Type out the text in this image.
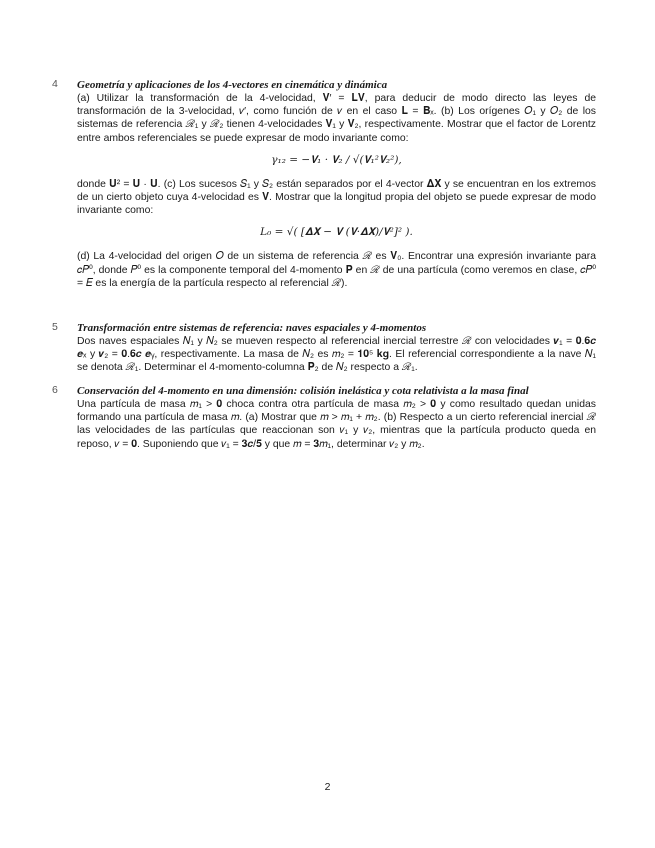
4	Geometría y aplicaciones de los 4-vectores en cinemática y dinámica

(a) Utilizar la transformación de la 4-velocidad, 𝐕′ = 𝐋𝐕, para deducir de modo directo las leyes de transformación de la 3-velocidad, 𝑣′, como función de 𝑣 en el caso 𝐋 = 𝐁ₓ. (b) Los orígenes 𝑂₁ y 𝑂₂ de los sistemas de referencia ℛ₁ y ℛ₂ tienen 4-velocidades 𝐕₁ y 𝐕₂, respectivamente. Mostrar que el factor de Lorentz entre ambos referenciales se puede expresar de modo invariante como:

𝛾₁₂ = −𝐕₁ · 𝐕₂ / √(𝐕₁²𝐕₂²),

donde 𝐔² = 𝐔 · 𝐔. (c) Los sucesos 𝑆₁ y 𝑆₂ están separados por el 4-vector 𝚫𝐗 y se encuentran en los extremos de un cierto objeto cuya 4-velocidad es 𝐕. Mostrar que la longitud propia del objeto se puede expresar de modo invariante como:

𝐿₀ = √( [𝚫𝐗 − 𝐕 (𝐕·𝚫𝐗)/𝐕²]² ).

(d) La 4-velocidad del origen 𝑂 de un sistema de referencia ℛ es 𝐕₀. Encontrar una expresión invariante para 𝑐𝑃⁰, donde 𝑃⁰ es la componente temporal del 4-momento 𝐏 en ℛ de una partícula (como veremos en clase, 𝑐𝑃⁰ = 𝐸 es la energía de la partícula respecto al referencial ℛ).

5	Transformación entre sistemas de referencia: naves espaciales y 4-momentos

Dos naves espaciales 𝑁₁ y 𝑁₂ se mueven respecto al referencial inercial terrestre ℛ con velocidades 𝒗₁ = 𝟎.𝟔𝒄 𝒆ₓ y 𝒗₂ = 𝟎.𝟔𝒄 𝒆ᵧ, respectivamente. La masa de 𝑁₂ es 𝑚₂ = 𝟏𝟎⁵ 𝐤𝐠. El referencial correspondiente a la nave 𝑁₁ se denota ℛ₁. Determinar el 4-momento-columna 𝐏₂ de 𝑁₂ respecto a ℛ₁.

6	Conservación del 4-momento en una dimensión: colisión inelástica y cota relativista a la masa final

Una partícula de masa 𝑚₁ > 𝟎 choca contra otra partícula de masa 𝑚₂ > 𝟎 y como resultado quedan unidas formando una partícula de masa 𝑚. (a) Mostrar que 𝑚 > 𝑚₁ + 𝑚₂. (b) Respecto a un cierto referencial inercial ℛ las velocidades de las partículas que reaccionan son 𝑣₁ y 𝑣₂, mientras que la partícula producto queda en reposo, 𝑣 = 𝟎. Suponiendo que 𝑣₁ = 𝟑𝒄/𝟓 y que 𝑚 = 𝟑𝑚₁, determinar 𝑣₂ y 𝑚₂.

2
